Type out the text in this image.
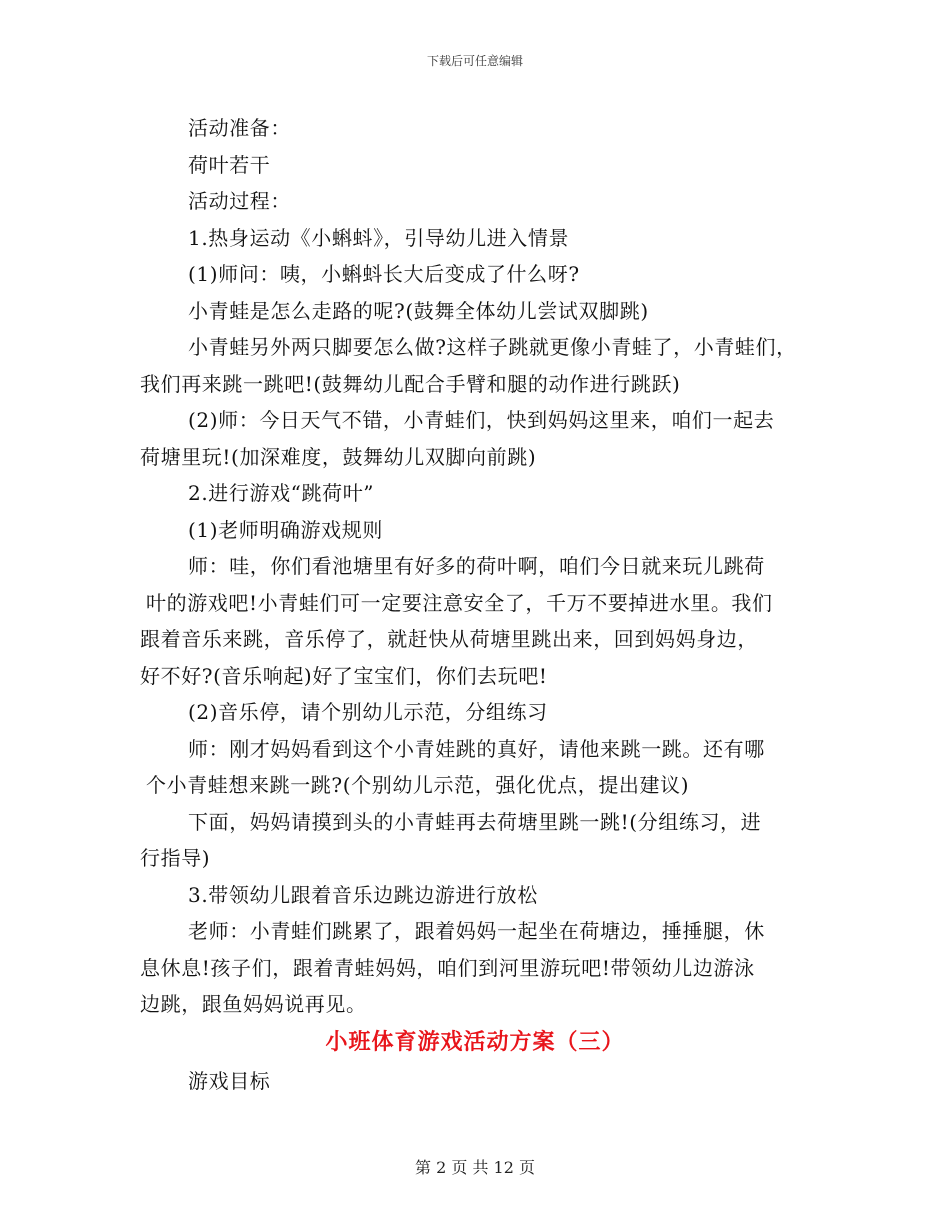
下载后可任意编辑
活动准备：
荷叶若干
活动过程：
1.热身运动《小蝌蚪》，引导幼儿进入情景
(1)师问：咦，小蝌蚪长大后变成了什么呀?
小青蛙是怎么走路的呢?(鼓舞全体幼儿尝试双脚跳)
小青蛙另外两只脚要怎么做?这样子跳就更像小青蛙了，小青蛙们，
我们再来跳一跳吧!(鼓舞幼儿配合手臂和腿的动作进行跳跃)
(2)师：今日天气不错，小青蛙们，快到妈妈这里来，咱们一起去
荷塘里玩!(加深难度，鼓舞幼儿双脚向前跳)
2.进行游戏“跳荷叶”
(1)老师明确游戏规则
师：哇，你们看池塘里有好多的荷叶啊，咱们今日就来玩儿跳荷
叶的游戏吧!小青蛙们可一定要注意安全了，千万不要掉进水里。我们
跟着音乐来跳，音乐停了，就赶快从荷塘里跳出来，回到妈妈身边，
好不好?(音乐响起)好了宝宝们，你们去玩吧!
(2)音乐停，请个别幼儿示范，分组练习
师：刚才妈妈看到这个小青娃跳的真好，请他来跳一跳。还有哪
个小青蛙想来跳一跳?(个别幼儿示范，强化优点，提出建议)
下面，妈妈请摸到头的小青蛙再去荷塘里跳一跳!(分组练习，进
行指导)
3.带领幼儿跟着音乐边跳边游进行放松
老师：小青蛙们跳累了，跟着妈妈一起坐在荷塘边，捶捶腿，休
息休息!孩子们，跟着青蛙妈妈，咱们到河里游玩吧!带领幼儿边游泳
边跳，跟鱼妈妈说再见。
小班体育游戏活动方案（三）
游戏目标
第 2 页 共 12 页
